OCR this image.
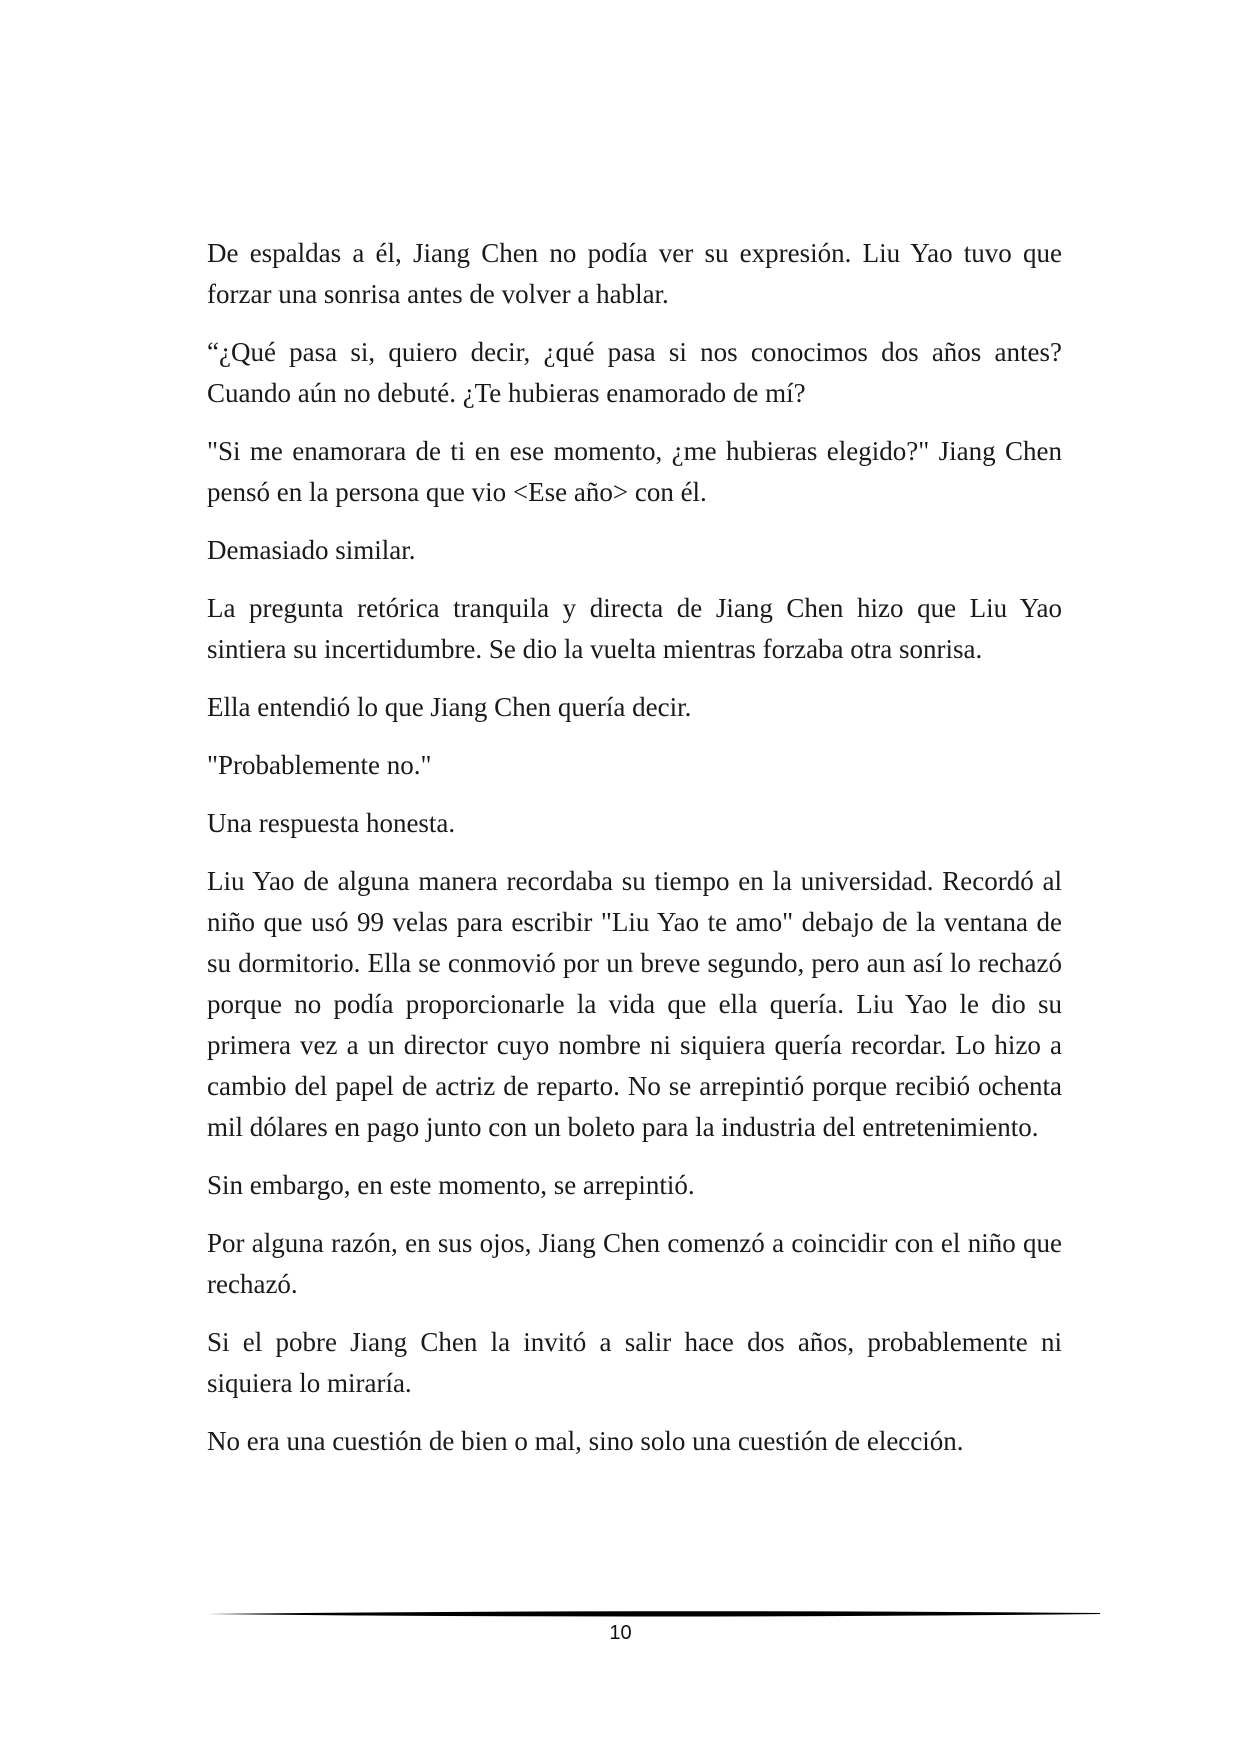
De espaldas a él, Jiang Chen no podía ver su expresión. Liu Yao tuvo que forzar una sonrisa antes de volver a hablar.

“¿Qué pasa si, quiero decir, ¿qué pasa si nos conocimos dos años antes? Cuando aún no debuté. ¿Te hubieras enamorado de mí?

"Si me enamorara de ti en ese momento, ¿me hubieras elegido?" Jiang Chen pensó en la persona que vio <Ese año> con él.

Demasiado similar.

La pregunta retórica tranquila y directa de Jiang Chen hizo que Liu Yao sintiera su incertidumbre. Se dio la vuelta mientras forzaba otra sonrisa.

Ella entendió lo que Jiang Chen quería decir.

"Probablemente no."

Una respuesta honesta.

Liu Yao de alguna manera recordaba su tiempo en la universidad. Recordó al niño que usó 99 velas para escribir "Liu Yao te amo" debajo de la ventana de su dormitorio. Ella se conmovió por un breve segundo, pero aun así lo rechazó porque no podía proporcionarle la vida que ella quería. Liu Yao le dio su primera vez a un director cuyo nombre ni siquiera quería recordar. Lo hizo a cambio del papel de actriz de reparto. No se arrepintió porque recibió ochenta mil dólares en pago junto con un boleto para la industria del entretenimiento.

Sin embargo, en este momento, se arrepintió.

Por alguna razón, en sus ojos, Jiang Chen comenzó a coincidir con el niño que rechazó.

Si el pobre Jiang Chen la invitó a salir hace dos años, probablemente ni siquiera lo miraría.

No era una cuestión de bien o mal, sino solo una cuestión de elección.

10
